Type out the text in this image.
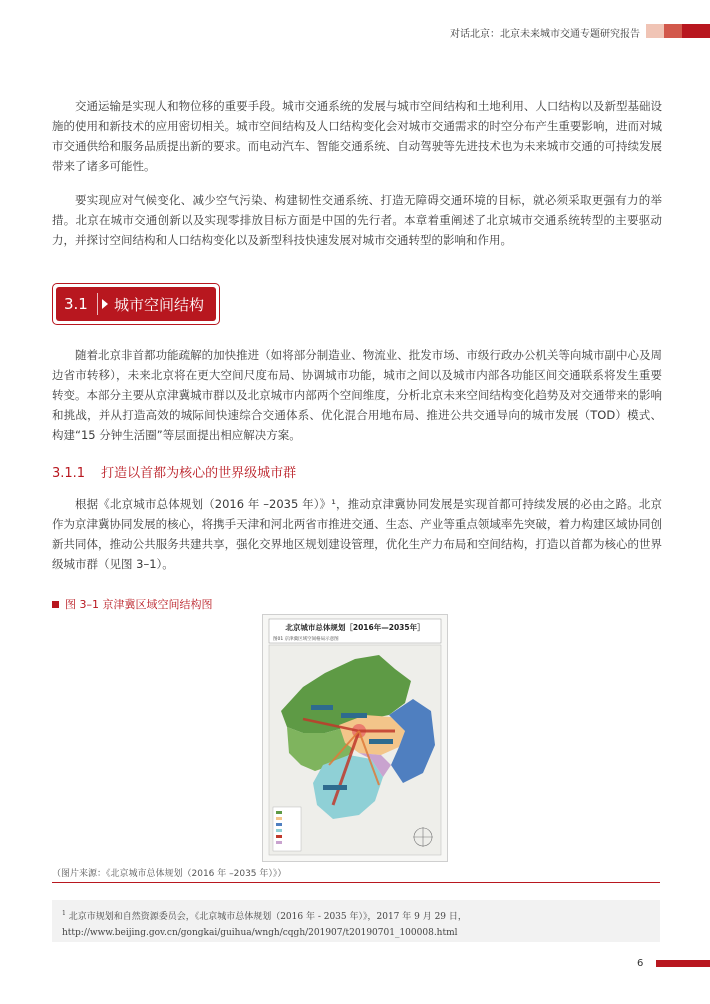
对话北京：北京未来城市交通专题研究报告

交通运输是实现人和物位移的重要手段。城市交通系统的发展与城市空间结构和土地利用、人口结构以及新型基础设施的使用和新技术的应用密切相关。城市空间结构及人口结构变化会对城市交通需求的时空分布产生重要影响，进而对城市交通供给和服务品质提出新的要求。而电动汽车、智能交通系统、自动驾驶等先进技术也为未来城市交通的可持续发展带来了诸多可能性。

要实现应对气候变化、减少空气污染、构建韧性交通系统、打造无障碍交通环境的目标，就必须采取更强有力的举措。北京在城市交通创新以及实现零排放目标方面是中国的先行者。本章着重阐述了北京城市交通系统转型的主要驱动力，并探讨空间结构和人口结构变化以及新型科技快速发展对城市交通转型的影响和作用。

3.1	城市空间结构

随着北京非首都功能疏解的加快推进（如将部分制造业、物流业、批发市场、市级行政办公机关等向城市副中心及周边省市转移），未来北京将在更大空间尺度布局、协调城市功能，城市之间以及城市内部各功能区间交通联系将发生重要转变。本部分主要从京津冀城市群以及北京城市内部两个空间维度，分析北京未来空间结构变化趋势及对交通带来的影响和挑战，并从打造高效的城际间快速综合交通体系、优化混合用地布局、推进公共交通导向的城市发展（TOD）模式、构建“15 分钟生活圈”等层面提出相应解决方案。

3.1.1 打造以首都为核心的世界级城市群

根据《北京城市总体规划（2016 年 –2035 年）》¹，推动京津冀协同发展是实现首都可持续发展的必由之路。北京作为京津冀协同发展的核心，将携手天津和河北两省市推进交通、生态、产业等重点领域率先突破，着力构建区域协同创新共同体，推动公共服务共建共享，强化交界地区规划建设管理，优化生产力布局和空间结构，打造以首都为核心的世界级城市群（见图 3–1）。

图 3–1 京津冀区域空间结构图
北京城市总体规划［2016年—2035年］
图01 京津冀区域空间格局示意图
（图片来源：《北京城市总体规划（2016 年 –2035 年）》）
$^1$ 北京市规划和自然资源委员会，《北京城市总体规划（2016 年 - 2035 年）》，2017 年 9 月 29 日，http://www.beijing.gov.cn/gongkai/guihua/wngh/cqgh/201907/t20190701_100008.html
6
